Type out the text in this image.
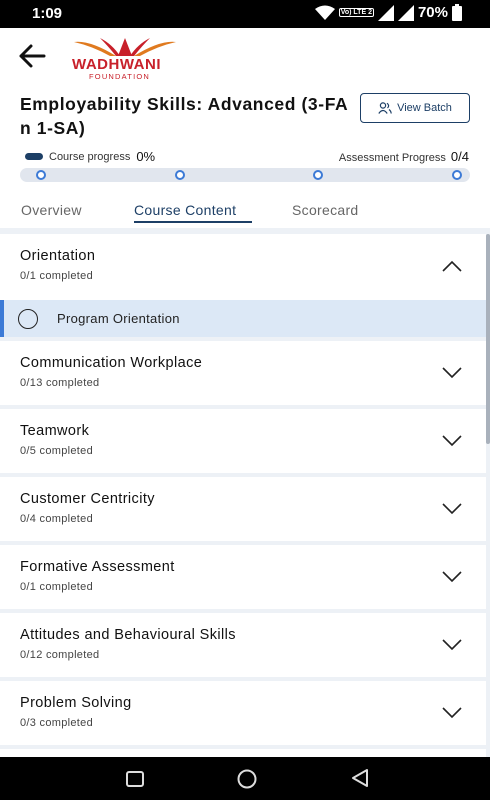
1:09	Vo) LTE 2	70%
WADHWANI
FOUNDATION
Employability Skills: Advanced (3-FA n 1-SA)
View Batch
Course progress 0%	Assessment Progress 0/4
Overview	Course Content	Scorecard
Orientation
0/1 completed
Program Orientation
Communication Workplace
0/13 completed
Teamwork
0/5 completed
Customer Centricity
0/4 completed
Formative Assessment
0/1 completed
Attitudes and Behavioural Skills
0/12 completed
Problem Solving
0/3 completed
